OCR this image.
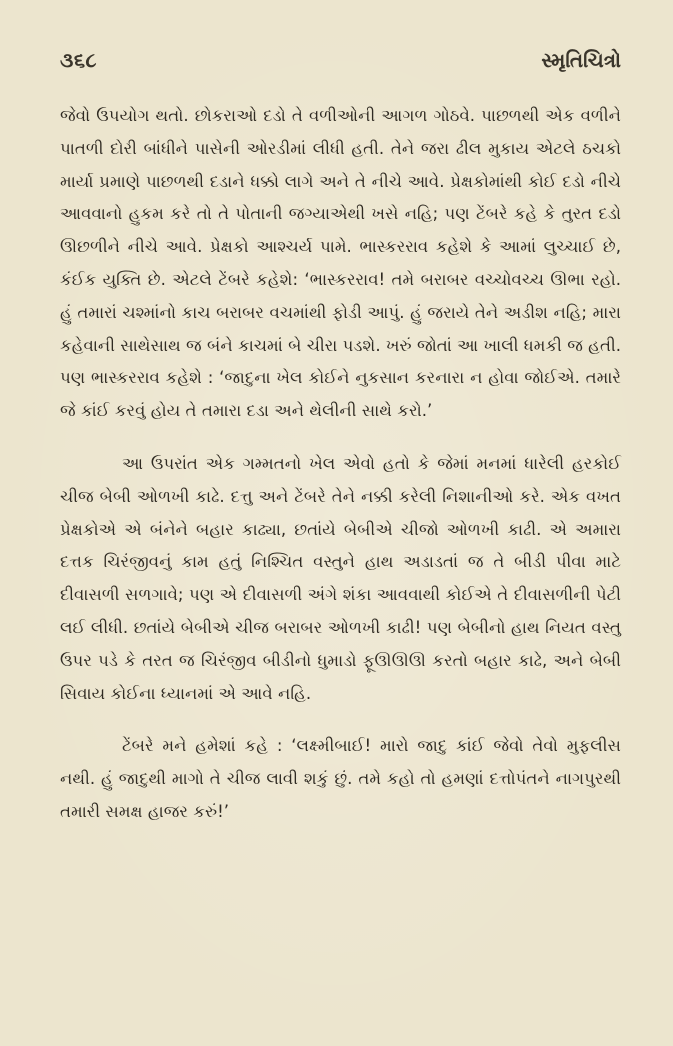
૩૬૮	સ્મૃતિચિત્રો

જેવો ઉપયોગ થતો. છોકરાઓ દડો તે વળીઓની આગળ ગોઠવે. પાછળથી એક વળીને પાતળી દોરી બાંધીને પાસેની ઓરડીમાં લીધી હતી. તેને જરા ઢીલ મુકાય એટલે ઠચકો માર્યા પ્રમાણે પાછળથી દડાને ધક્કો લાગે અને તે નીચે આવે. પ્રેક્ષકોમાંથી કોઈ દડો નીચે આવવાનો હુકમ કરે તો તે પોતાની જગ્યાએથી ખસે નહિ; પણ ટેંબરે કહે કે તુરત દડો ઊછળીને નીચે આવે. પ્રેક્ષકો આશ્ચર્ય પામે. ભાસ્કરરાવ કહેશે કે આમાં લુચ્ચાઈ છે, કંઈક યુક્તિ છે. એટલે ટેંબરે કહેશે: ‘ભાસ્કરરાવ! તમે બરાબર વચ્ચોવચ્ચ ઊભા રહો. હું તમારાં ચશ્માંનો કાચ બરાબર વચમાંથી ફોડી આપું. હું જરાયે તેને અડીશ નહિ; મારા કહેવાની સાથેસાથ જ બંને કાચમાં બે ચીરા પડશે. ખરું જોતાં આ ખાલી ધમકી જ હતી. પણ ભાસ્કરરાવ કહેશે : ‘જાદુના ખેલ કોઈને નુકસાન કરનારા ન હોવા જોઈએ. તમારે જે કાંઈ કરવું હોય તે તમારા દડા અને થેલીની સાથે કરો.’

આ ઉપરાંત એક ગમ્મતનો ખેલ એવો હતો કે જેમાં મનમાં ધારેલી હરકોઈ ચીજ બેબી ઓળખી કાઢે. દત્તુ અને ટેંબરે તેને નક્કી કરેલી નિશાનીઓ કરે. એક વખત પ્રેક્ષકોએ એ બંનેને બહાર કાઢ્યા, છતાંયે બેબીએ ચીજો ઓળખી કાઢી. એ અમારા દત્તક ચિરંજીવનું કામ હતું નિશ્ચિત વસ્તુને હાથ અડાડતાં જ તે બીડી પીવા માટે દીવાસળી સળગાવે; પણ એ દીવાસળી અંગે શંકા આવવાથી કોઈએ તે દીવાસળીની પેટી લઈ લીધી. છતાંયે બેબીએ ચીજ બરાબર ઓળખી કાઢી! પણ બેબીનો હાથ નિયત વસ્તુ ઉપર પડે કે તરત જ ચિરંજીવ બીડીનો ધુમાડો ફૂઊઊઊ કરતો બહાર કાઢે, અને બેબી સિવાય કોઈના ધ્યાનમાં એ આવે નહિ.

ટેંબરે મને હમેશાં કહે : ‘લક્ષ્મીબાઈ! મારો જાદુ કાંઈ જેવો તેવો મુફલીસ નથી. હું જાદુથી માગો તે ચીજ લાવી શકું છું. તમે કહો તો હમણાં દત્તોપંતને નાગપુરથી તમારી સમક્ષ હાજર કરું!’
